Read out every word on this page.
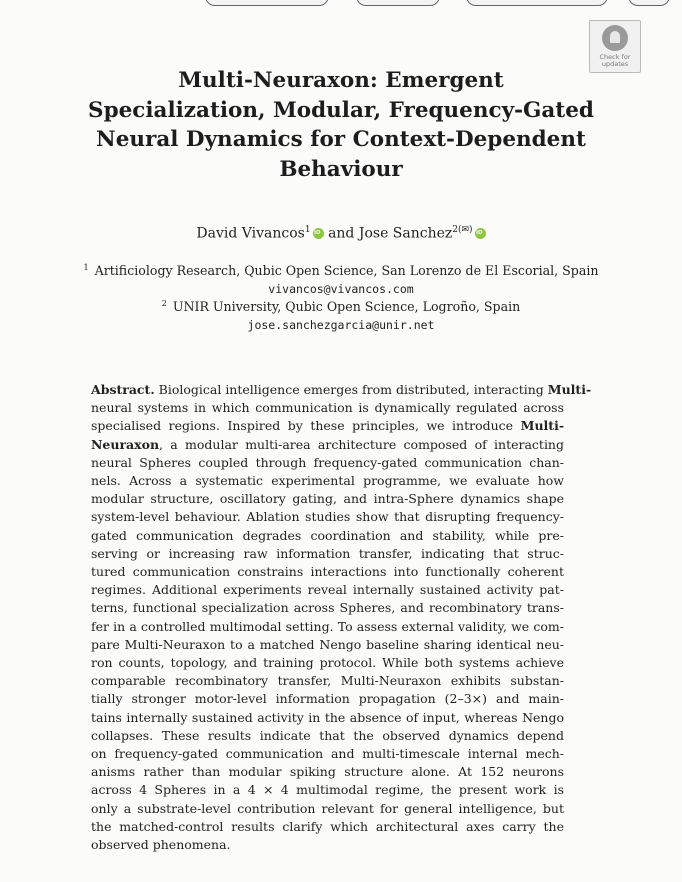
Check for
updates
Multi-Neuraxon: Emergent
Specialization, Modular, Frequency-Gated
Neural Dynamics for Context-Dependent
Behaviour
David Vivancos$^1$iD and Jose Sanchez$^{2(✉)}$iD
$^1$ Artificiology Research, Qubic Open Science, San Lorenzo de El Escorial, Spain
vivancos@vivancos.com
$^2$ UNIR University, Qubic Open Science, Logroño, Spain
jose.sanchezgarcia@unir.net
Abstract. Biological intelligence emerges from distributed, interacting Multi-
neural systems in which communication is dynamically regulated across
specialised regions. Inspired by these principles, we introduce Multi-
Neuraxon, a modular multi-area architecture composed of interacting
neural Spheres coupled through frequency-gated communication chan-
nels. Across a systematic experimental programme, we evaluate how
modular structure, oscillatory gating, and intra-Sphere dynamics shape
system-level behaviour. Ablation studies show that disrupting frequency-
gated communication degrades coordination and stability, while pre-
serving or increasing raw information transfer, indicating that struc-
tured communication constrains interactions into functionally coherent
regimes. Additional experiments reveal internally sustained activity pat-
terns, functional specialization across Spheres, and recombinatory trans-
fer in a controlled multimodal setting. To assess external validity, we com-
pare Multi-Neuraxon to a matched Nengo baseline sharing identical neu-
ron counts, topology, and training protocol. While both systems achieve
comparable recombinatory transfer, Multi-Neuraxon exhibits substan-
tially stronger motor-level information propagation (2–3×) and main-
tains internally sustained activity in the absence of input, whereas Nengo
collapses. These results indicate that the observed dynamics depend
on frequency-gated communication and multi-timescale internal mech-
anisms rather than modular spiking structure alone. At 152 neurons
across 4 Spheres in a 4 × 4 multimodal regime, the present work is
only a substrate-level contribution relevant for general intelligence, but
the matched-control results clarify which architectural axes carry the
observed phenomena.
